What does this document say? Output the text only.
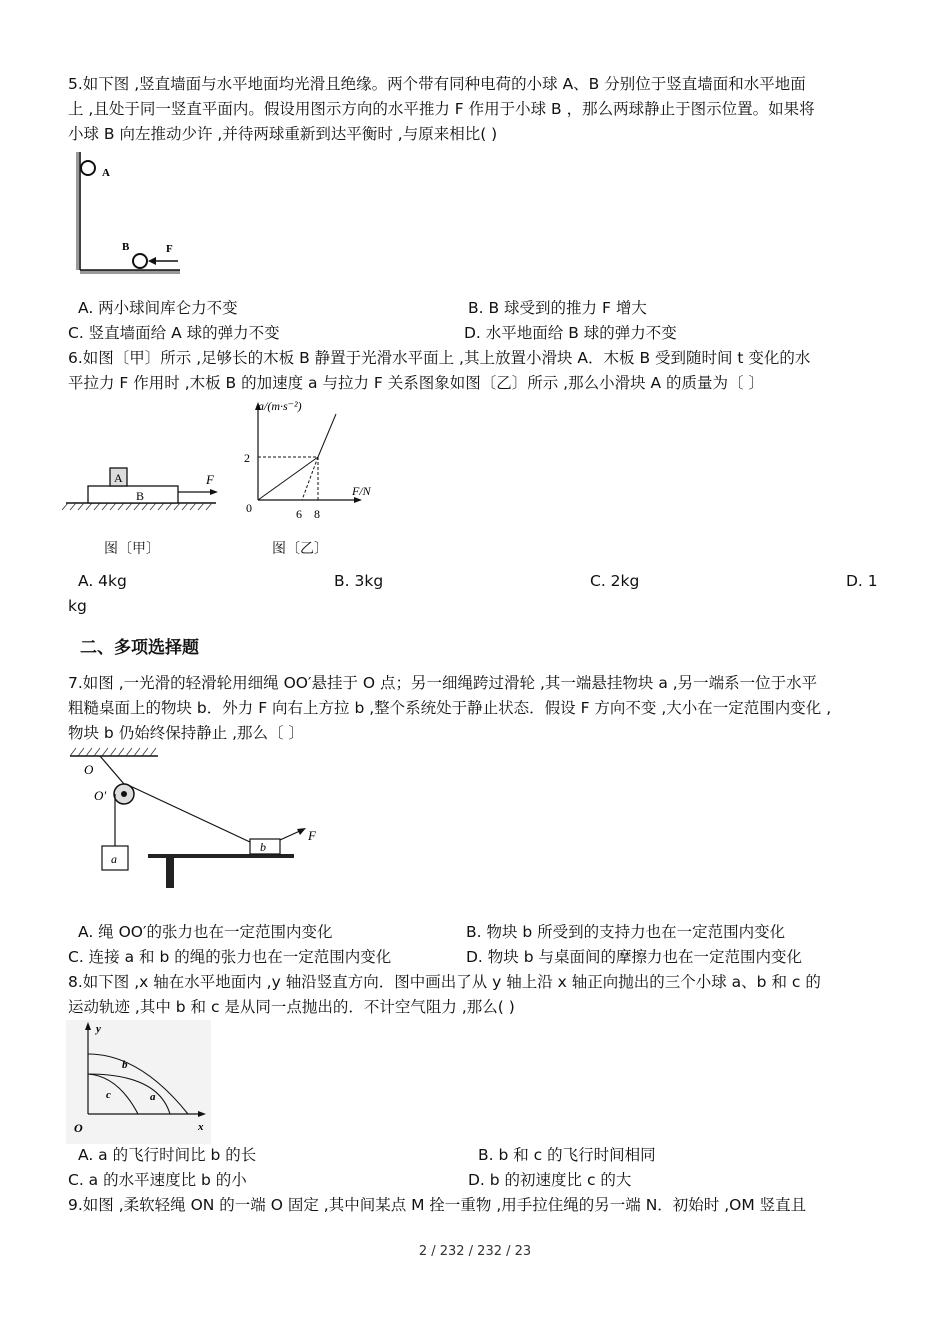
5.如下图 ,竖直墙面与水平地面均光滑且绝缘。两个带有同种电荷的小球 A、B 分别位于竖直墙面和水平地面
上 ,且处于同一竖直平面内。假设用图示方向的水平推力 F 作用于小球 B ，那么两球静止于图示位置。如果将
小球 B 向左推动少许 ,并待两球重新到达平衡时 ,与原来相比( )
A
B	F
A. 两小球间库仑力不变	B. B 球受到的推力 F 增大
C. 竖直墙面给 A 球的弹力不变	D. 水平地面给 B 球的弹力不变
6.如图〔甲〕所示 ,足够长的木板 B 静置于光滑水平面上 ,其上放置小滑块 A．木板 B 受到随时间 t 变化的水
平拉力 F 作用时 ,木板 B 的加速度 a 与拉力 F 关系图象如图〔乙〕所示 ,那么小滑块 A 的质量为〔 〕
B
A	F
图〔甲〕
a/(m·s⁻²)
F/N
0
2
6 8
图〔乙〕
A. 4kg	B. 3kg	C. 2kg	D. 1
kg
二、多项选择题
7.如图 ,一光滑的轻滑轮用细绳 OO′悬挂于 O 点；另一细绳跨过滑轮 ,其一端悬挂物块 a ,另一端系一位于水平
粗糙桌面上的物块 b．外力 F 向右上方拉 b ,整个系统处于静止状态．假设 F 方向不变 ,大小在一定范围内变化 ,
物块 b 仍始终保持静止 ,那么〔 〕
O
O′
a
b
F
A. 绳 OO′的张力也在一定范围内变化	B. 物块 b 所受到的支持力也在一定范围内变化
C. 连接 a 和 b 的绳的张力也在一定范围内变化	D. 物块 b 与桌面间的摩擦力也在一定范围内变化
8.如下图 ,x 轴在水平地面内 ,y 轴沿竖直方向．图中画出了从 y 轴上沿 x 轴正向抛出的三个小球 a、b 和 c 的
运动轨迹 ,其中 b 和 c 是从同一点抛出的．不计空气阻力 ,那么( )
y
x
O
b
c	a
A. a 的飞行时间比 b 的长	B. b 和 c 的飞行时间相同
C. a 的水平速度比 b 的小	D. b 的初速度比 c 的大
9.如图 ,柔软轻绳 ON 的一端 O 固定 ,其中间某点 M 拴一重物 ,用手拉住绳的另一端 N．初始时 ,OM 竖直且
2 / 232 / 232 / 23
